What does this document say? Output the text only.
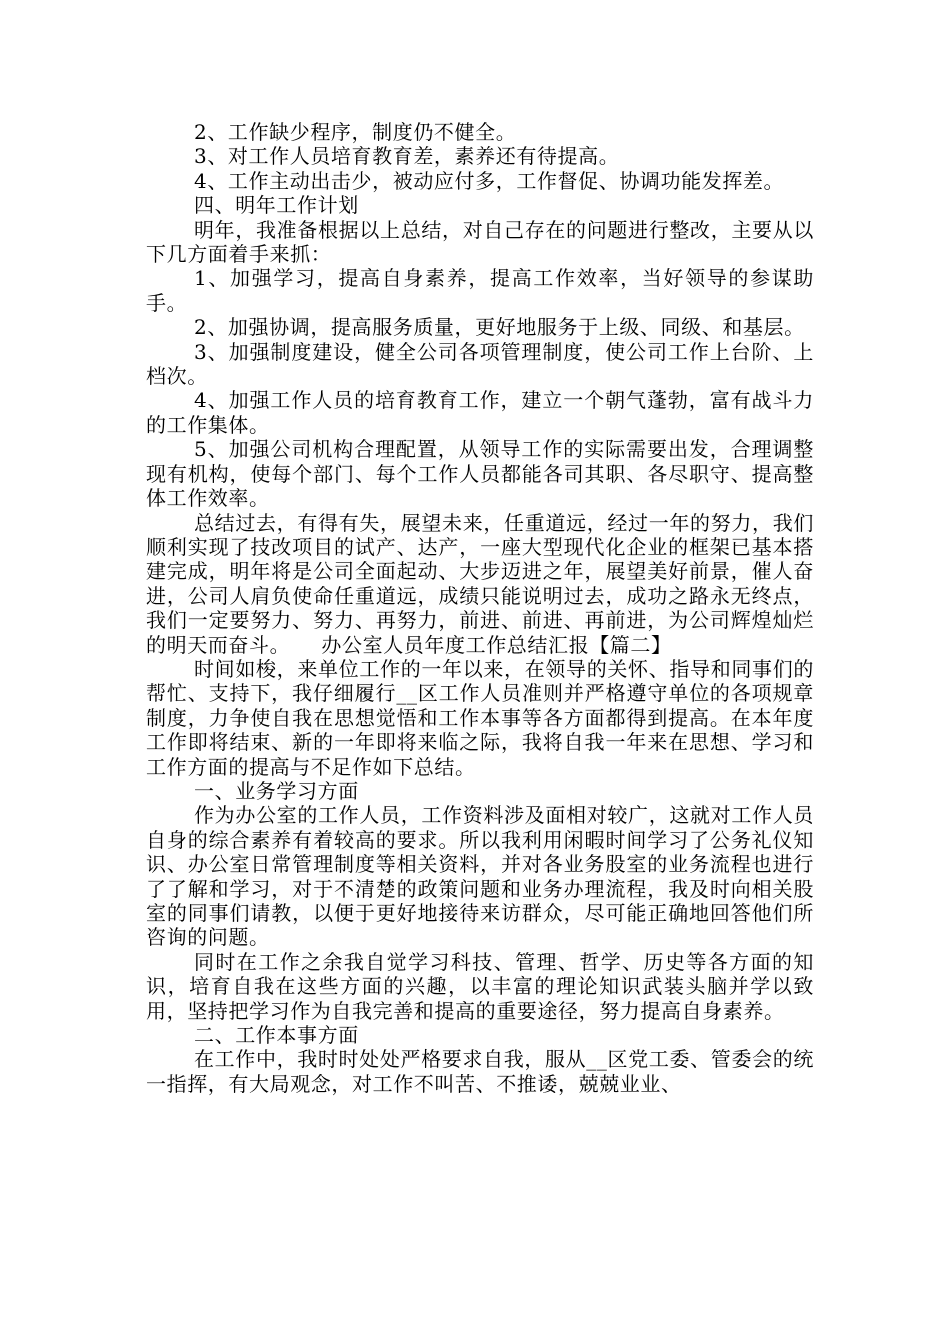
2、工作缺少程序，制度仍不健全。

3、对工作人员培育教育差，素养还有待提高。

4、工作主动出击少，被动应付多，工作督促、协调功能发挥差。

四、明年工作计划

明年，我准备根据以上总结，对自己存在的问题进行整改，主要从以下几方面着手来抓：

1、加强学习，提高自身素养，提高工作效率，当好领导的参谋助手。

2、加强协调，提高服务质量，更好地服务于上级、同级、和基层。

3、加强制度建设，健全公司各项管理制度，使公司工作上台阶、上档次。

4、加强工作人员的培育教育工作，建立一个朝气蓬勃，富有战斗力的工作集体。

5、加强公司机构合理配置，从领导工作的实际需要出发，合理调整现有机构，使每个部门、每个工作人员都能各司其职、各尽职守、提高整体工作效率。

总结过去，有得有失，展望未来，任重道远，经过一年的努力，我们顺利实现了技改项目的试产、达产，一座大型现代化企业的框架已基本搭建完成，明年将是公司全面起动、大步迈进之年，展望美好前景，催人奋进，公司人肩负使命任重道远，成绩只能说明过去，成功之路永无终点，我们一定要努力、努力、再努力，前进、前进、再前进，为公司辉煌灿烂的明天而奋斗。　　办公室人员年度工作总结汇报【篇二】

时间如梭，来单位工作的一年以来，在领导的关怀、指导和同事们的帮忙、支持下，我仔细履行__区工作人员准则并严格遵守单位的各项规章制度，力争使自我在思想觉悟和工作本事等各方面都得到提高。在本年度工作即将结束、新的一年即将来临之际，我将自我一年来在思想、学习和工作方面的提高与不足作如下总结。

一、业务学习方面

作为办公室的工作人员，工作资料涉及面相对较广，这就对工作人员自身的综合素养有着较高的要求。所以我利用闲暇时间学习了公务礼仪知识、办公室日常管理制度等相关资料，并对各业务股室的业务流程也进行了了解和学习，对于不清楚的政策问题和业务办理流程，我及时向相关股室的同事们请教，以便于更好地接待来访群众，尽可能正确地回答他们所咨询的问题。

同时在工作之余我自觉学习科技、管理、哲学、历史等各方面的知识，培育自我在这些方面的兴趣，以丰富的理论知识武装头脑并学以致用，坚持把学习作为自我完善和提高的重要途径，努力提高自身素养。

二、工作本事方面

在工作中，我时时处处严格要求自我，服从__区党工委、管委会的统一指挥，有大局观念，对工作不叫苦、不推诿，兢兢业业、
